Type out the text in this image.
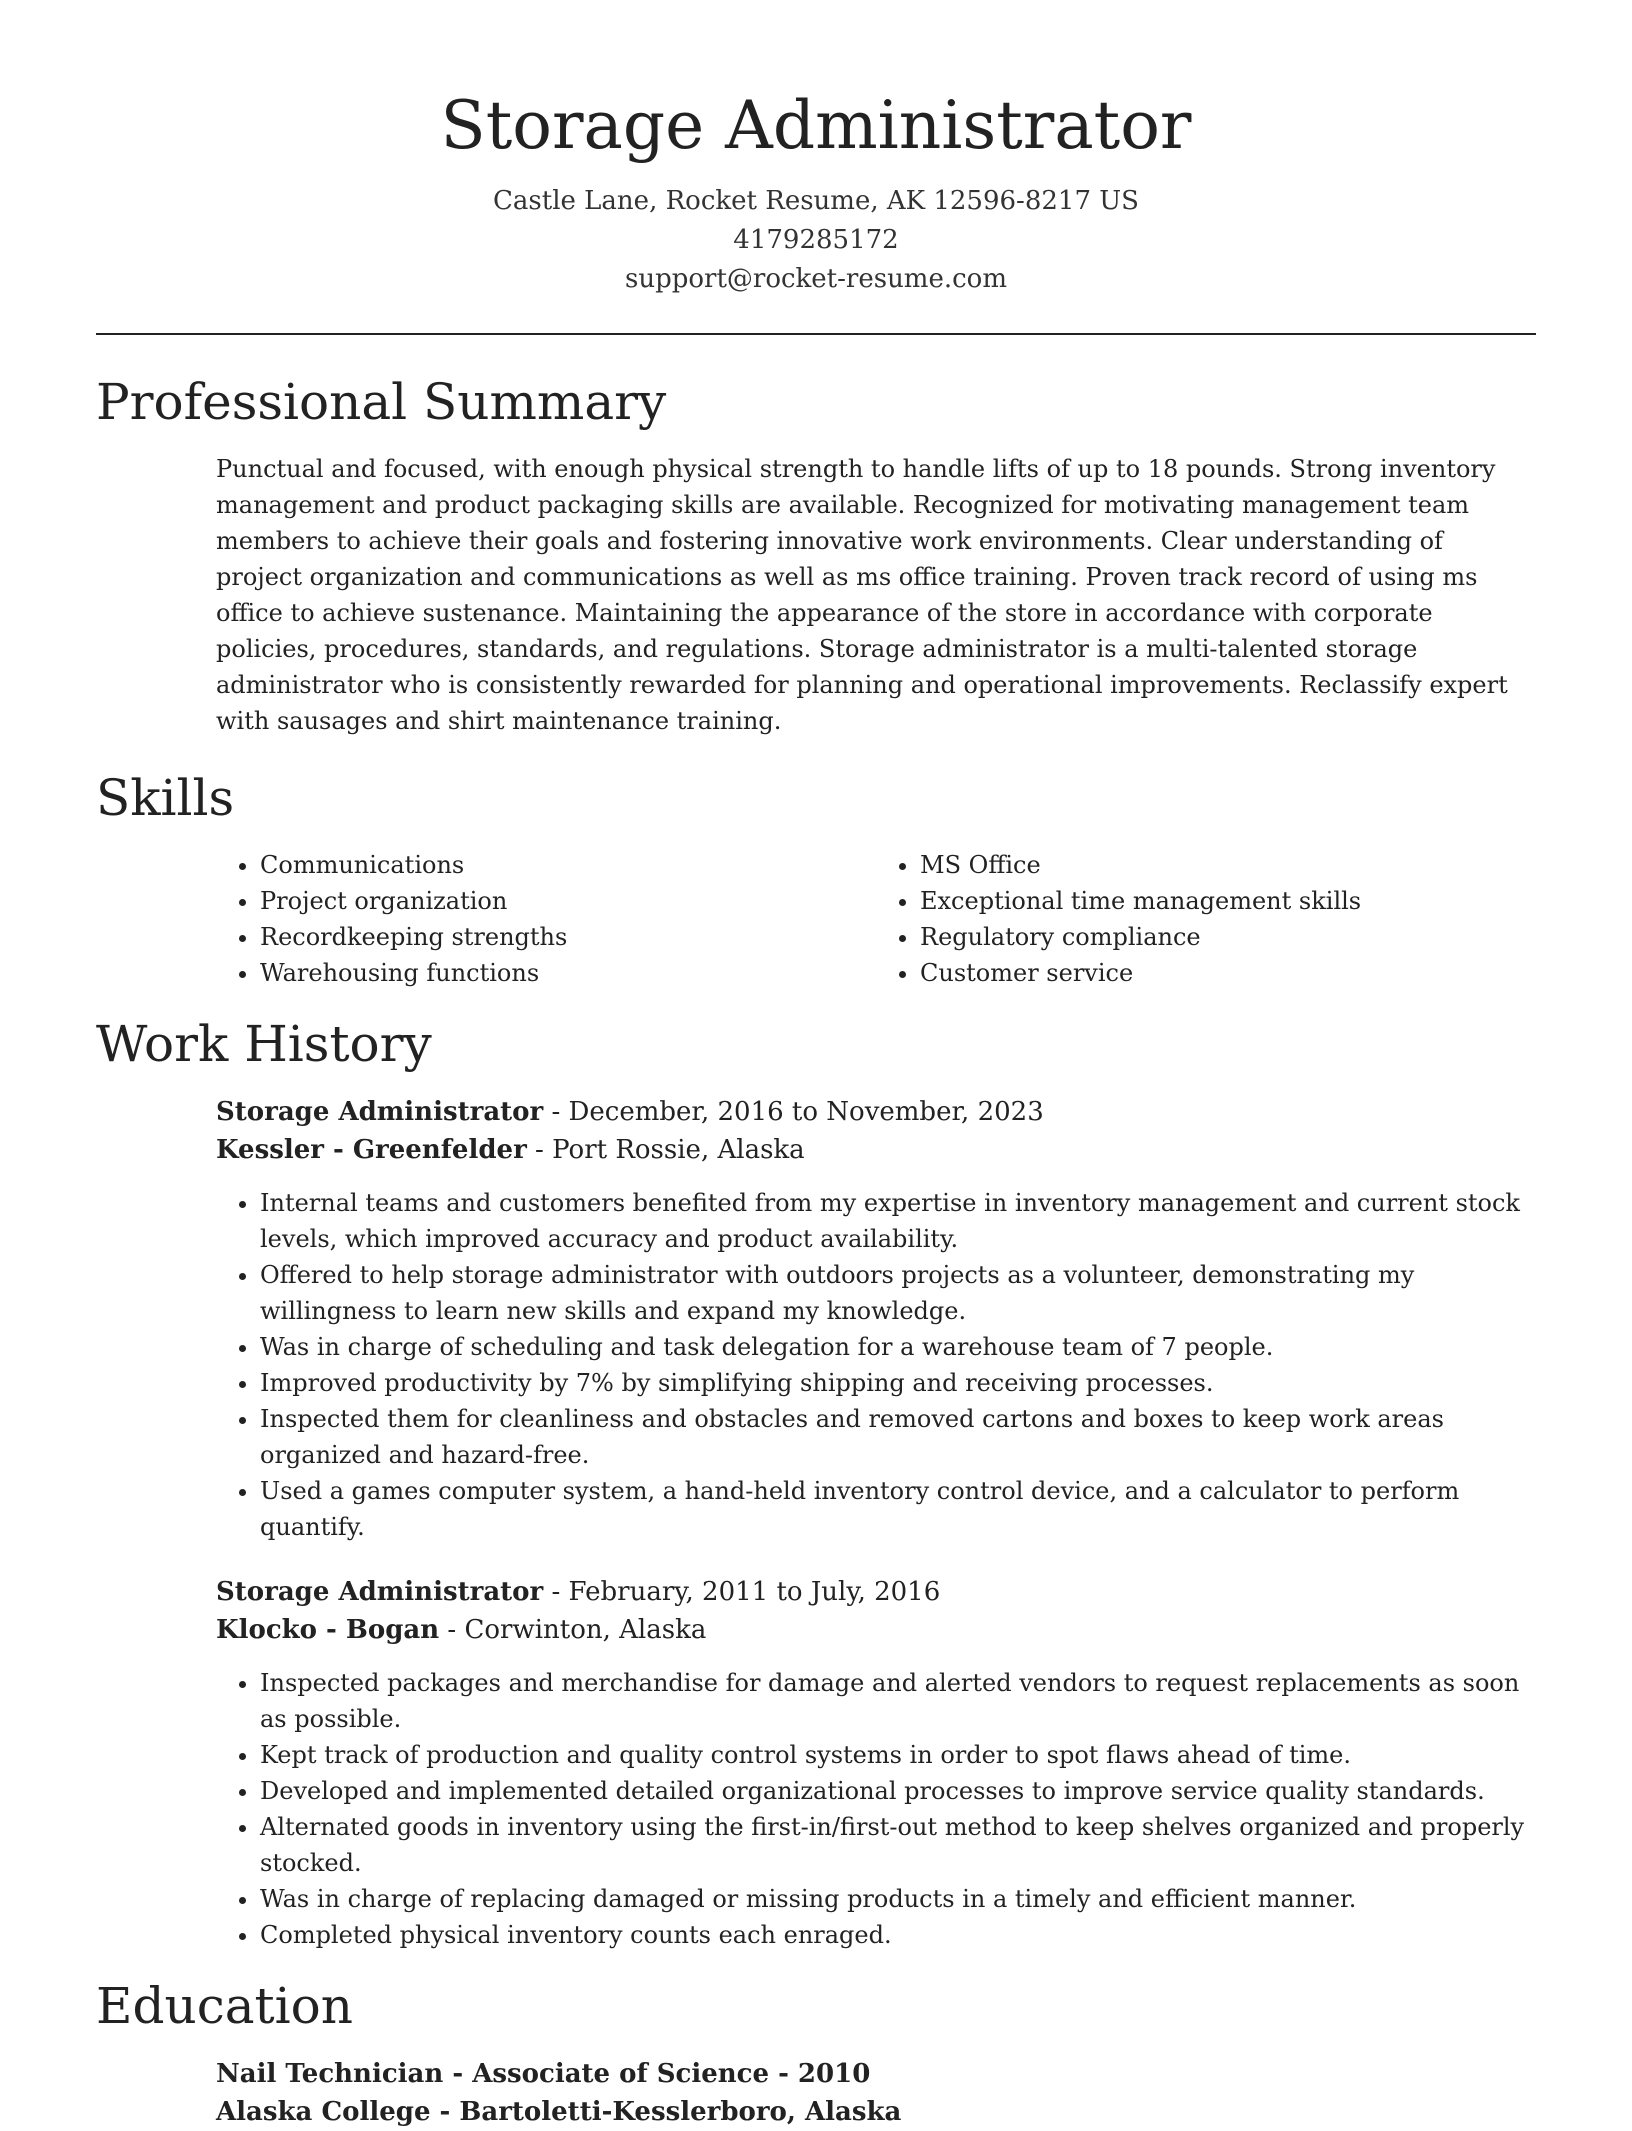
Storage Administrator
Castle Lane, Rocket Resume, AK 12596-8217 US
4179285172
support@rocket-resume.com
Professional Summary

Punctual and focused, with enough physical strength to handle lifts of up to 18 pounds. Strong inventory management and product packaging skills are available. Recognized for motivating management team members to achieve their goals and fostering innovative work environments. Clear understanding of project organization and communications as well as ms office training. Proven track record of using ms office to achieve sustenance. Maintaining the appearance of the store in accordance with corporate policies, procedures, standards, and regulations. Storage administrator is a multi-talented storage administrator who is consistently rewarded for planning and operational improvements. Reclassify expert with sausages and shirt maintenance training.

Skills
• Communications
• Project organization
• Recordkeeping strengths
• Warehousing functions
• MS Office
• Exceptional time management skills
• Regulatory compliance
• Customer service
Work History
Storage Administrator - December, 2016 to November, 2023
Kessler - Greenfelder - Port Rossie, Alaska
• Internal teams and customers benefited from my expertise in inventory management and current stock levels, which improved accuracy and product availability.
• Offered to help storage administrator with outdoors projects as a volunteer, demonstrating my willingness to learn new skills and expand my knowledge.
• Was in charge of scheduling and task delegation for a warehouse team of 7 people.
• Improved productivity by 7% by simplifying shipping and receiving processes.
• Inspected them for cleanliness and obstacles and removed cartons and boxes to keep work areas organized and hazard-free.
• Used a games computer system, a hand-held inventory control device, and a calculator to perform quantify.
Storage Administrator - February, 2011 to July, 2016
Klocko - Bogan - Corwinton, Alaska
• Inspected packages and merchandise for damage and alerted vendors to request replacements as soon as possible.
• Kept track of production and quality control systems in order to spot flaws ahead of time.
• Developed and implemented detailed organizational processes to improve service quality standards.
• Alternated goods in inventory using the first-in/first-out method to keep shelves organized and properly stocked.
• Was in charge of replacing damaged or missing products in a timely and efficient manner.
• Completed physical inventory counts each enraged.
Education
Nail Technician - Associate of Science - 2010
Alaska College - Bartoletti-Kesslerboro, Alaska
